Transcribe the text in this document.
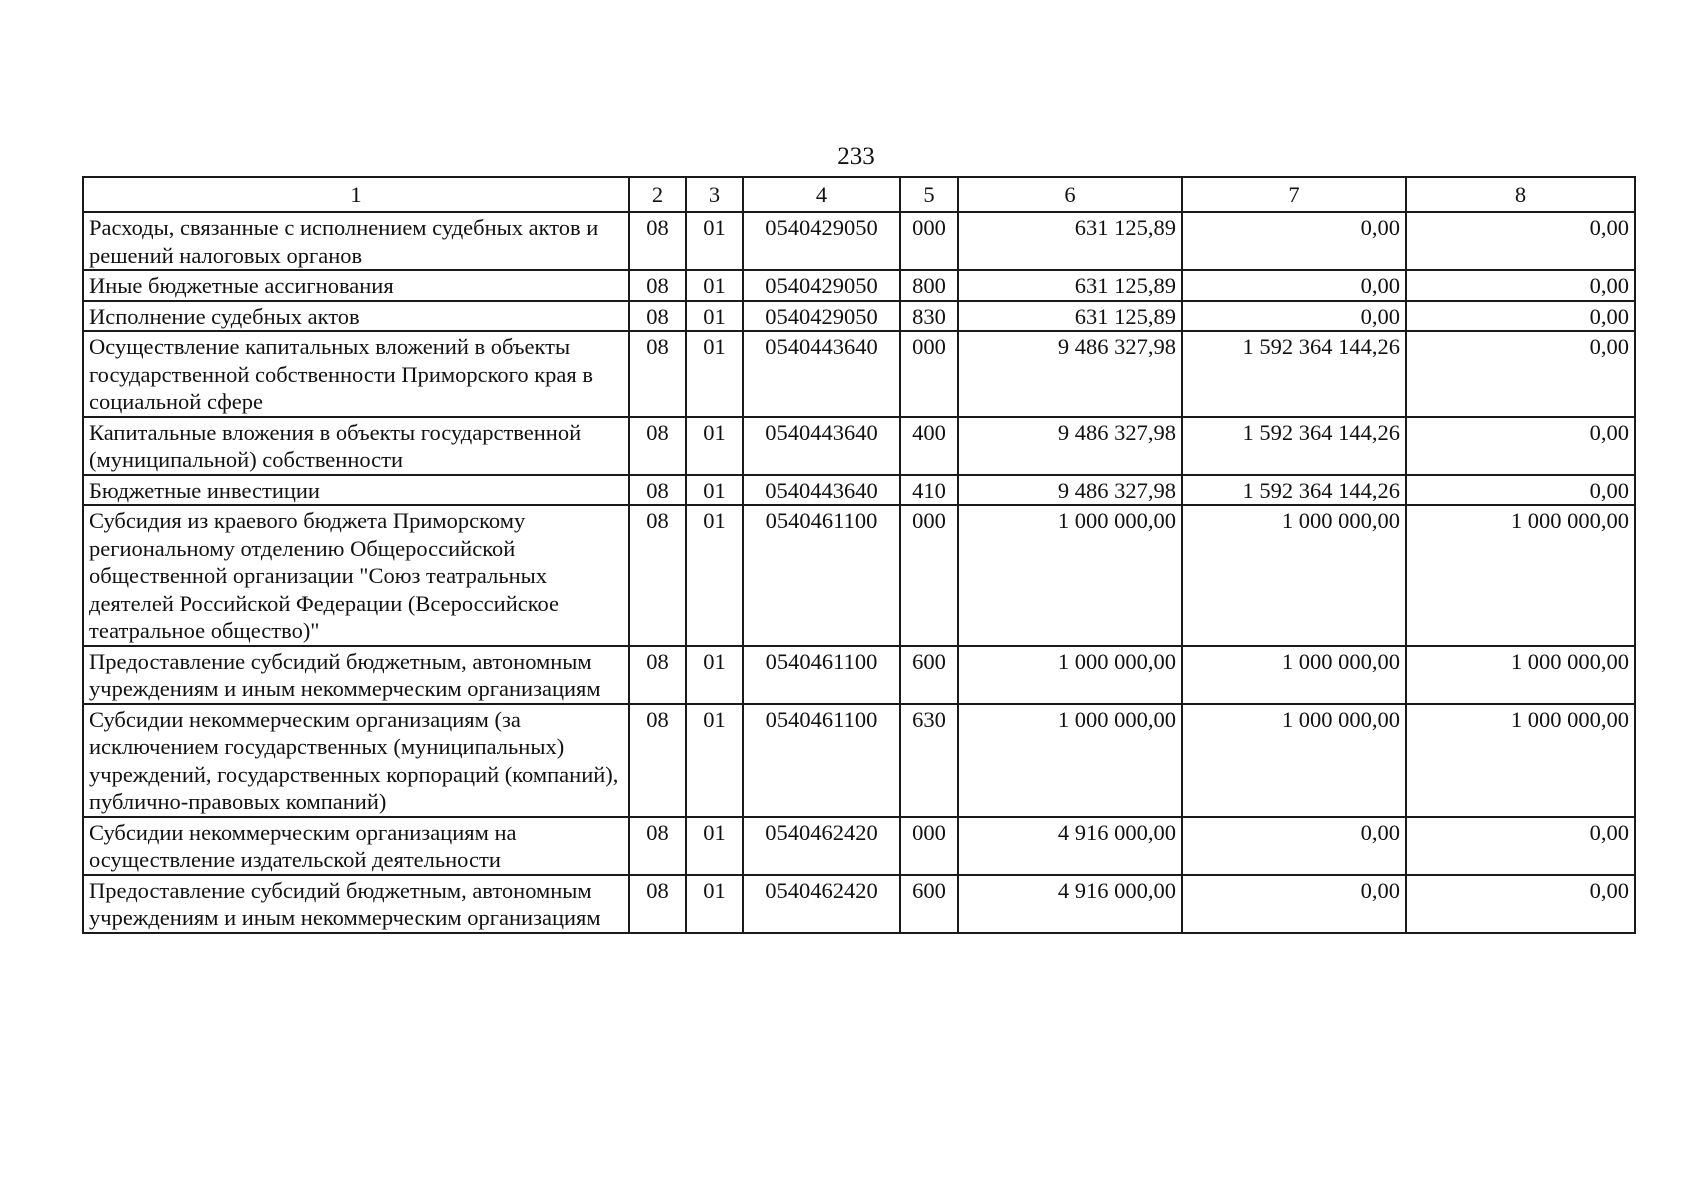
233
1	2	3	4	5	6	7	8
Расходы, связанные с исполнением судебных актов и решений налоговых органов	08	01	0540429050	000	631 125,89	0,00	0,00
Иные бюджетные ассигнования	08	01	0540429050	800	631 125,89	0,00	0,00
Исполнение судебных актов	08	01	0540429050	830	631 125,89	0,00	0,00
Осуществление капитальных вложений в объекты государственной собственности Приморского края в социальной сфере	08	01	0540443640	000	9 486 327,98	1 592 364 144,26	0,00
Капитальные вложения в объекты государственной (муниципальной) собственности	08	01	0540443640	400	9 486 327,98	1 592 364 144,26	0,00
Бюджетные инвестиции	08	01	0540443640	410	9 486 327,98	1 592 364 144,26	0,00
Субсидия из краевого бюджета Приморскому региональному отделению Общероссийской общественной организации "Союз театральных деятелей Российской Федерации (Всероссийское театральное общество)"	08	01	0540461100	000	1 000 000,00	1 000 000,00	1 000 000,00
Предоставление субсидий бюджетным, автономным учреждениям и иным некоммерческим организациям	08	01	0540461100	600	1 000 000,00	1 000 000,00	1 000 000,00
Субсидии некоммерческим организациям (за исключением государственных (муниципальных) учреждений, государственных корпораций (компаний), публично-правовых компаний)	08	01	0540461100	630	1 000 000,00	1 000 000,00	1 000 000,00
Субсидии некоммерческим организациям на осуществление издательской деятельности	08	01	0540462420	000	4 916 000,00	0,00	0,00
Предоставление субсидий бюджетным, автономным учреждениям и иным некоммерческим организациям	08	01	0540462420	600	4 916 000,00	0,00	0,00
